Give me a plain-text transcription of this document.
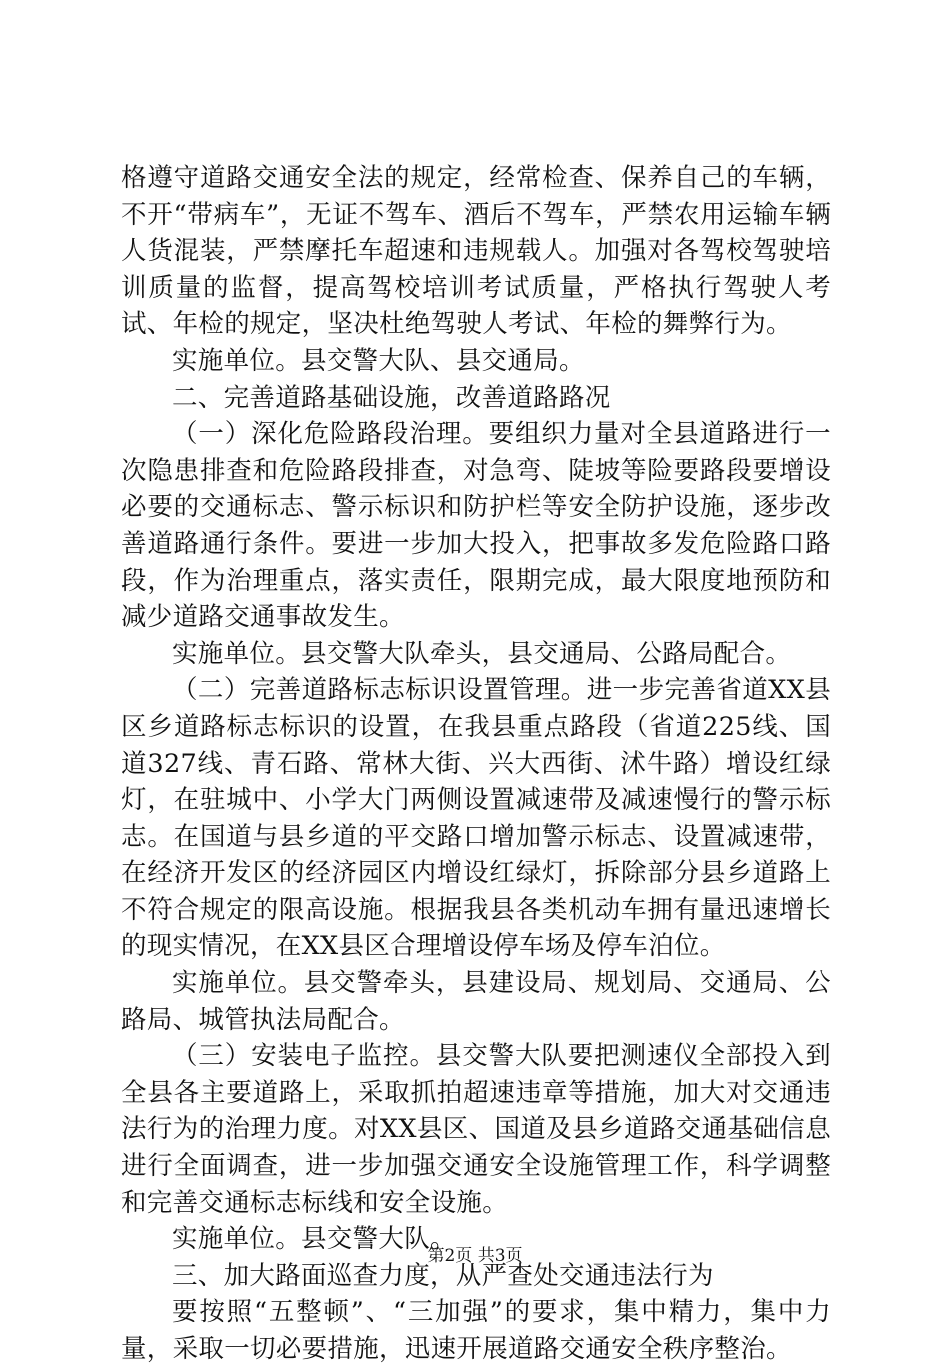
格遵守道路交通安全法的规定，经常检查、保养自己的车辆，不开“带病车”，无证不驾车、酒后不驾车，严禁农用运输车辆人货混装，严禁摩托车超速和违规载人。加强对各驾校驾驶培训质量的监督，提高驾校培训考试质量，严格执行驾驶人考试、年检的规定，坚决杜绝驾驶人考试、年检的舞弊行为。

实施单位。县交警大队、县交通局。

二、完善道路基础设施，改善道路路况

（一）深化危险路段治理。要组织力量对全县道路进行一次隐患排查和危险路段排查，对急弯、陡坡等险要路段要增设必要的交通标志、警示标识和防护栏等安全防护设施，逐步改善道路通行条件。要进一步加大投入，把事故多发危险路口路段，作为治理重点，落实责任，限期完成，最大限度地预防和减少道路交通事故发生。

实施单位。县交警大队牵头，县交通局、公路局配合。

（二）完善道路标志标识设置管理。进一步完善省道XX县区乡道路标志标识的设置，在我县重点路段（省道225线、国道327线、青石路、常林大街、兴大西街、沭牛路）增设红绿灯，在驻城中、小学大门两侧设置减速带及减速慢行的警示标志。在国道与县乡道的平交路口增加警示标志、设置减速带，在经济开发区的经济园区内增设红绿灯，拆除部分县乡道路上不符合规定的限高设施。根据我县各类机动车拥有量迅速增长的现实情况，在XX县区合理增设停车场及停车泊位。

实施单位。县交警牵头，县建设局、规划局、交通局、公路局、城管执法局配合。

（三）安装电子监控。县交警大队要把测速仪全部投入到全县各主要道路上，采取抓拍超速违章等措施，加大对交通违法行为的治理力度。对XX县区、国道及县乡道路交通基础信息进行全面调查，进一步加强交通安全设施管理工作，科学调整和完善交通标志标线和安全设施。

实施单位。县交警大队。

三、加大路面巡查力度，从严查处交通违法行为

要按照“五整顿”、“三加强”的要求，集中精力，集中力量，采取一切必要措施，迅速开展道路交通安全秩序整治。

第2页 共3页
